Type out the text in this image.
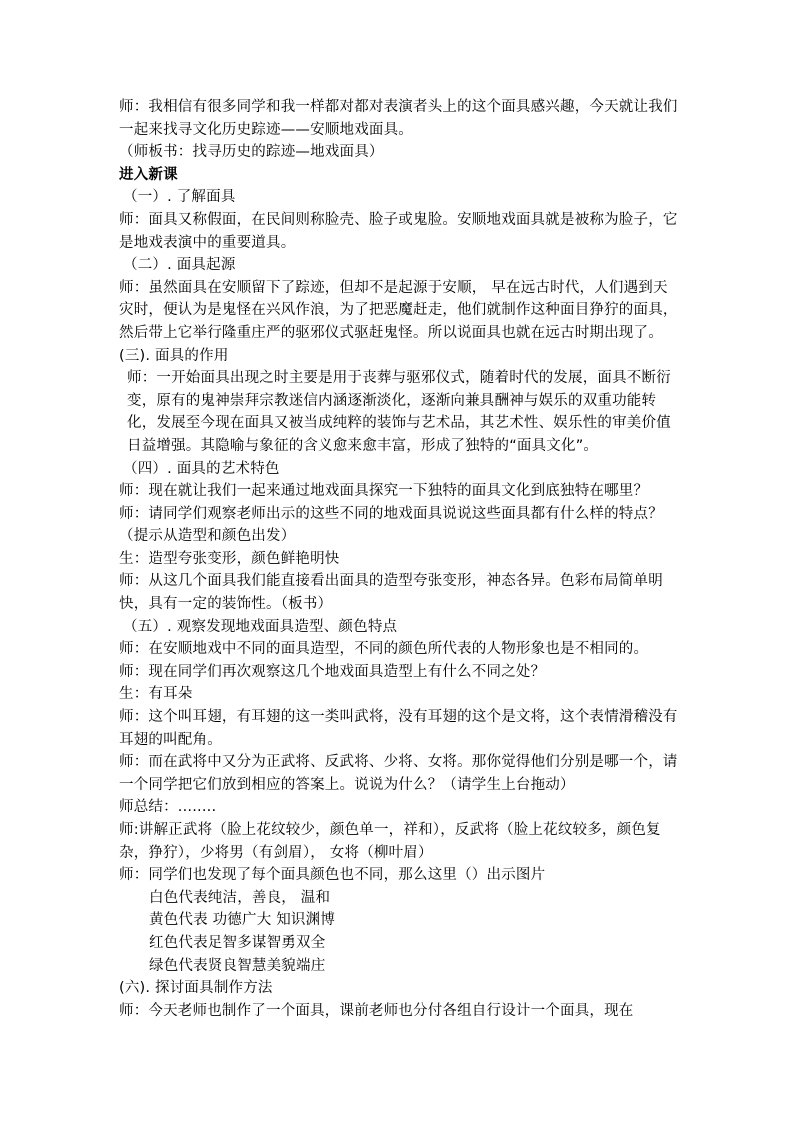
师：我相信有很多同学和我一样都对都对表演者头上的这个面具感兴趣，今天就让我们一起来找寻文化历史踪迹——安顺地戏面具。

（师板书：找寻历史的踪迹—地戏面具）

进入新课

（一）. 了解面具

师：面具又称假面，在民间则称脸壳、脸子或鬼脸。安顺地戏面具就是被称为脸子，它是地戏表演中的重要道具。

（二）. 面具起源

师：虽然面具在安顺留下了踪迹，但却不是起源于安顺， 早在远古时代，人们遇到天灾时，便认为是鬼怪在兴风作浪，为了把恶魔赶走，他们就制作这种面目狰狞的面具，然后带上它举行隆重庄严的驱邪仪式驱赶鬼怪。所以说面具也就在远古时期出现了。

(三). 面具的作用

师：一开始面具出现之时主要是用于丧葬与驱邪仪式，随着时代的发展，面具不断衍变，原有的鬼神崇拜宗教迷信内涵逐渐淡化，逐渐向兼具酬神与娱乐的双重功能转化，发展至今现在面具又被当成纯粹的装饰与艺术品，其艺术性、娱乐性的审美价值日益增强。其隐喻与象征的含义愈来愈丰富，形成了独特的“面具文化”。

（四）. 面具的艺术特色

师：现在就让我们一起来通过地戏面具探究一下独特的面具文化到底独特在哪里？

师：请同学们观察老师出示的这些不同的地戏面具说说这些面具都有什么样的特点？（提示从造型和颜色出发）

生：造型夸张变形，颜色鲜艳明快

师：从这几个面具我们能直接看出面具的造型夸张变形，神态各异。色彩布局简单明快，具有一定的装饰性。（板书）

（五）. 观察发现地戏面具造型、颜色特点

师：在安顺地戏中不同的面具造型，不同的颜色所代表的人物形象也是不相同的。

师：现在同学们再次观察这几个地戏面具造型上有什么不同之处？

生：有耳朵

师：这个叫耳翅，有耳翅的这一类叫武将，没有耳翅的这个是文将，这个表情滑稽没有耳翅的叫配角。

师：而在武将中又分为正武将、反武将、少将、女将。那你觉得他们分别是哪一个，请一个同学把它们放到相应的答案上。说说为什么？（请学生上台拖动）

师总结：........

师:讲解正武将（脸上花纹较少，颜色单一，祥和），反武将（脸上花纹较多，颜色复杂，狰狞），少将男（有剑眉）， 女将（柳叶眉）

师：同学们也发现了每个面具颜色也不同，那么这里（）出示图片

白色代表纯洁，善良， 温和

黄色代表 功德广大 知识渊博

红色代表足智多谋智勇双全

绿色代表贤良智慧美貌端庄

(六). 探讨面具制作方法

师：今天老师也制作了一个面具，课前老师也分付各组自行设计一个面具，现在
